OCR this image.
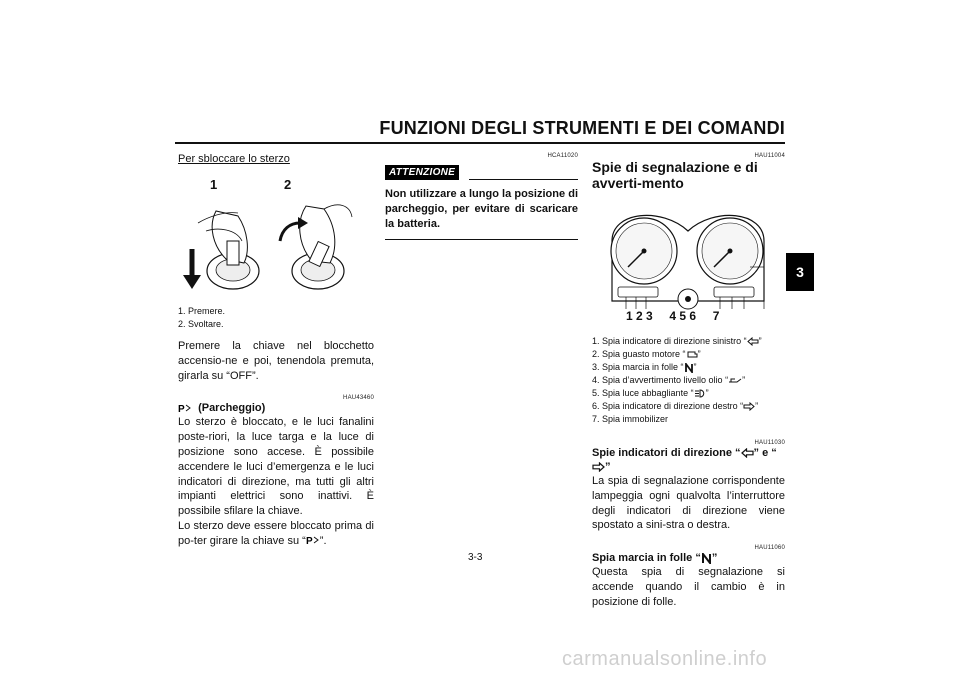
FUNZIONI DEGLI STRUMENTI E DEI COMANDI
3
Per sbloccare lo sterzo
1	2
1. Premere.
2. Svoltare.
Premere la chiave nel blocchetto accensio-ne e poi, tenendola premuta, girarla su “OFF”.
HAU43460
P (Parcheggio)
Lo sterzo è bloccato, e le luci fanalini poste-riori, la luce targa e la luce di posizione sono accese. È possibile accendere le luci d’emergenza e le luci indicatori di direzione, ma tutti gli altri impianti elettrici sono inattivi. È possibile sfilare la chiave.
Lo sterzo deve essere bloccato prima di po-ter girare la chiave su “ P ”.
HCA11020
ATTENZIONE
Non utilizzare a lungo la posizione di parcheggio, per evitare di scaricare la batteria.
HAU11004
Spie di segnalazione e di avverti-mento
1 2 3     4 5 6     7
1. Spia indicatore di direzione sinistro “ ”
2. Spia guasto motore “ ”
3. Spia marcia in folle “ ”
4. Spia d’avvertimento livello olio “ ”
5. Spia luce abbagliante “ ”
6. Spia indicatore di direzione destro “ ”
7. Spia immobilizer
HAU11030
Spie indicatori di direzione “ ” e “”
La spia di segnalazione corrispondente lampeggia ogni qualvolta l’interruttore degli indicatori di direzione viene spostato a sini-stra o destra.
HAU11060
Spia marcia in folle “ ”
Questa spia di segnalazione si accende quando il cambio è in posizione di folle.
3-3
carmanualsonline.info
